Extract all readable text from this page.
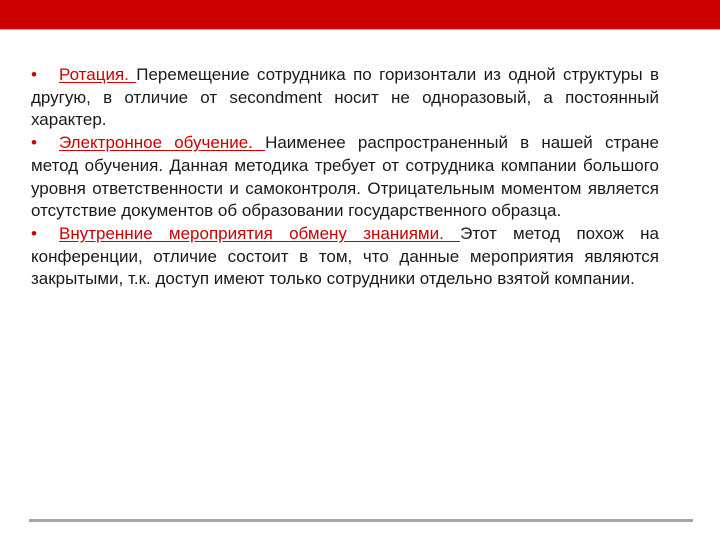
• Ротация. Перемещение сотрудника по горизонтали из одной структуры в другую, в отличие от secondment носит не одноразовый, а постоянный характер.

• Электронное обучение. Наименее распространенный в нашей стране метод обучения. Данная методика требует от сотрудника компании большого уровня ответственности и самоконтроля. Отрицательным моментом является отсутствие документов об образовании государственного образца.

• Внутренние мероприятия обмену знаниями. Этот метод похож на конференции, отличие состоит в том, что данные мероприятия являются закрытыми, т.к. доступ имеют только сотрудники отдельно взятой компании.
